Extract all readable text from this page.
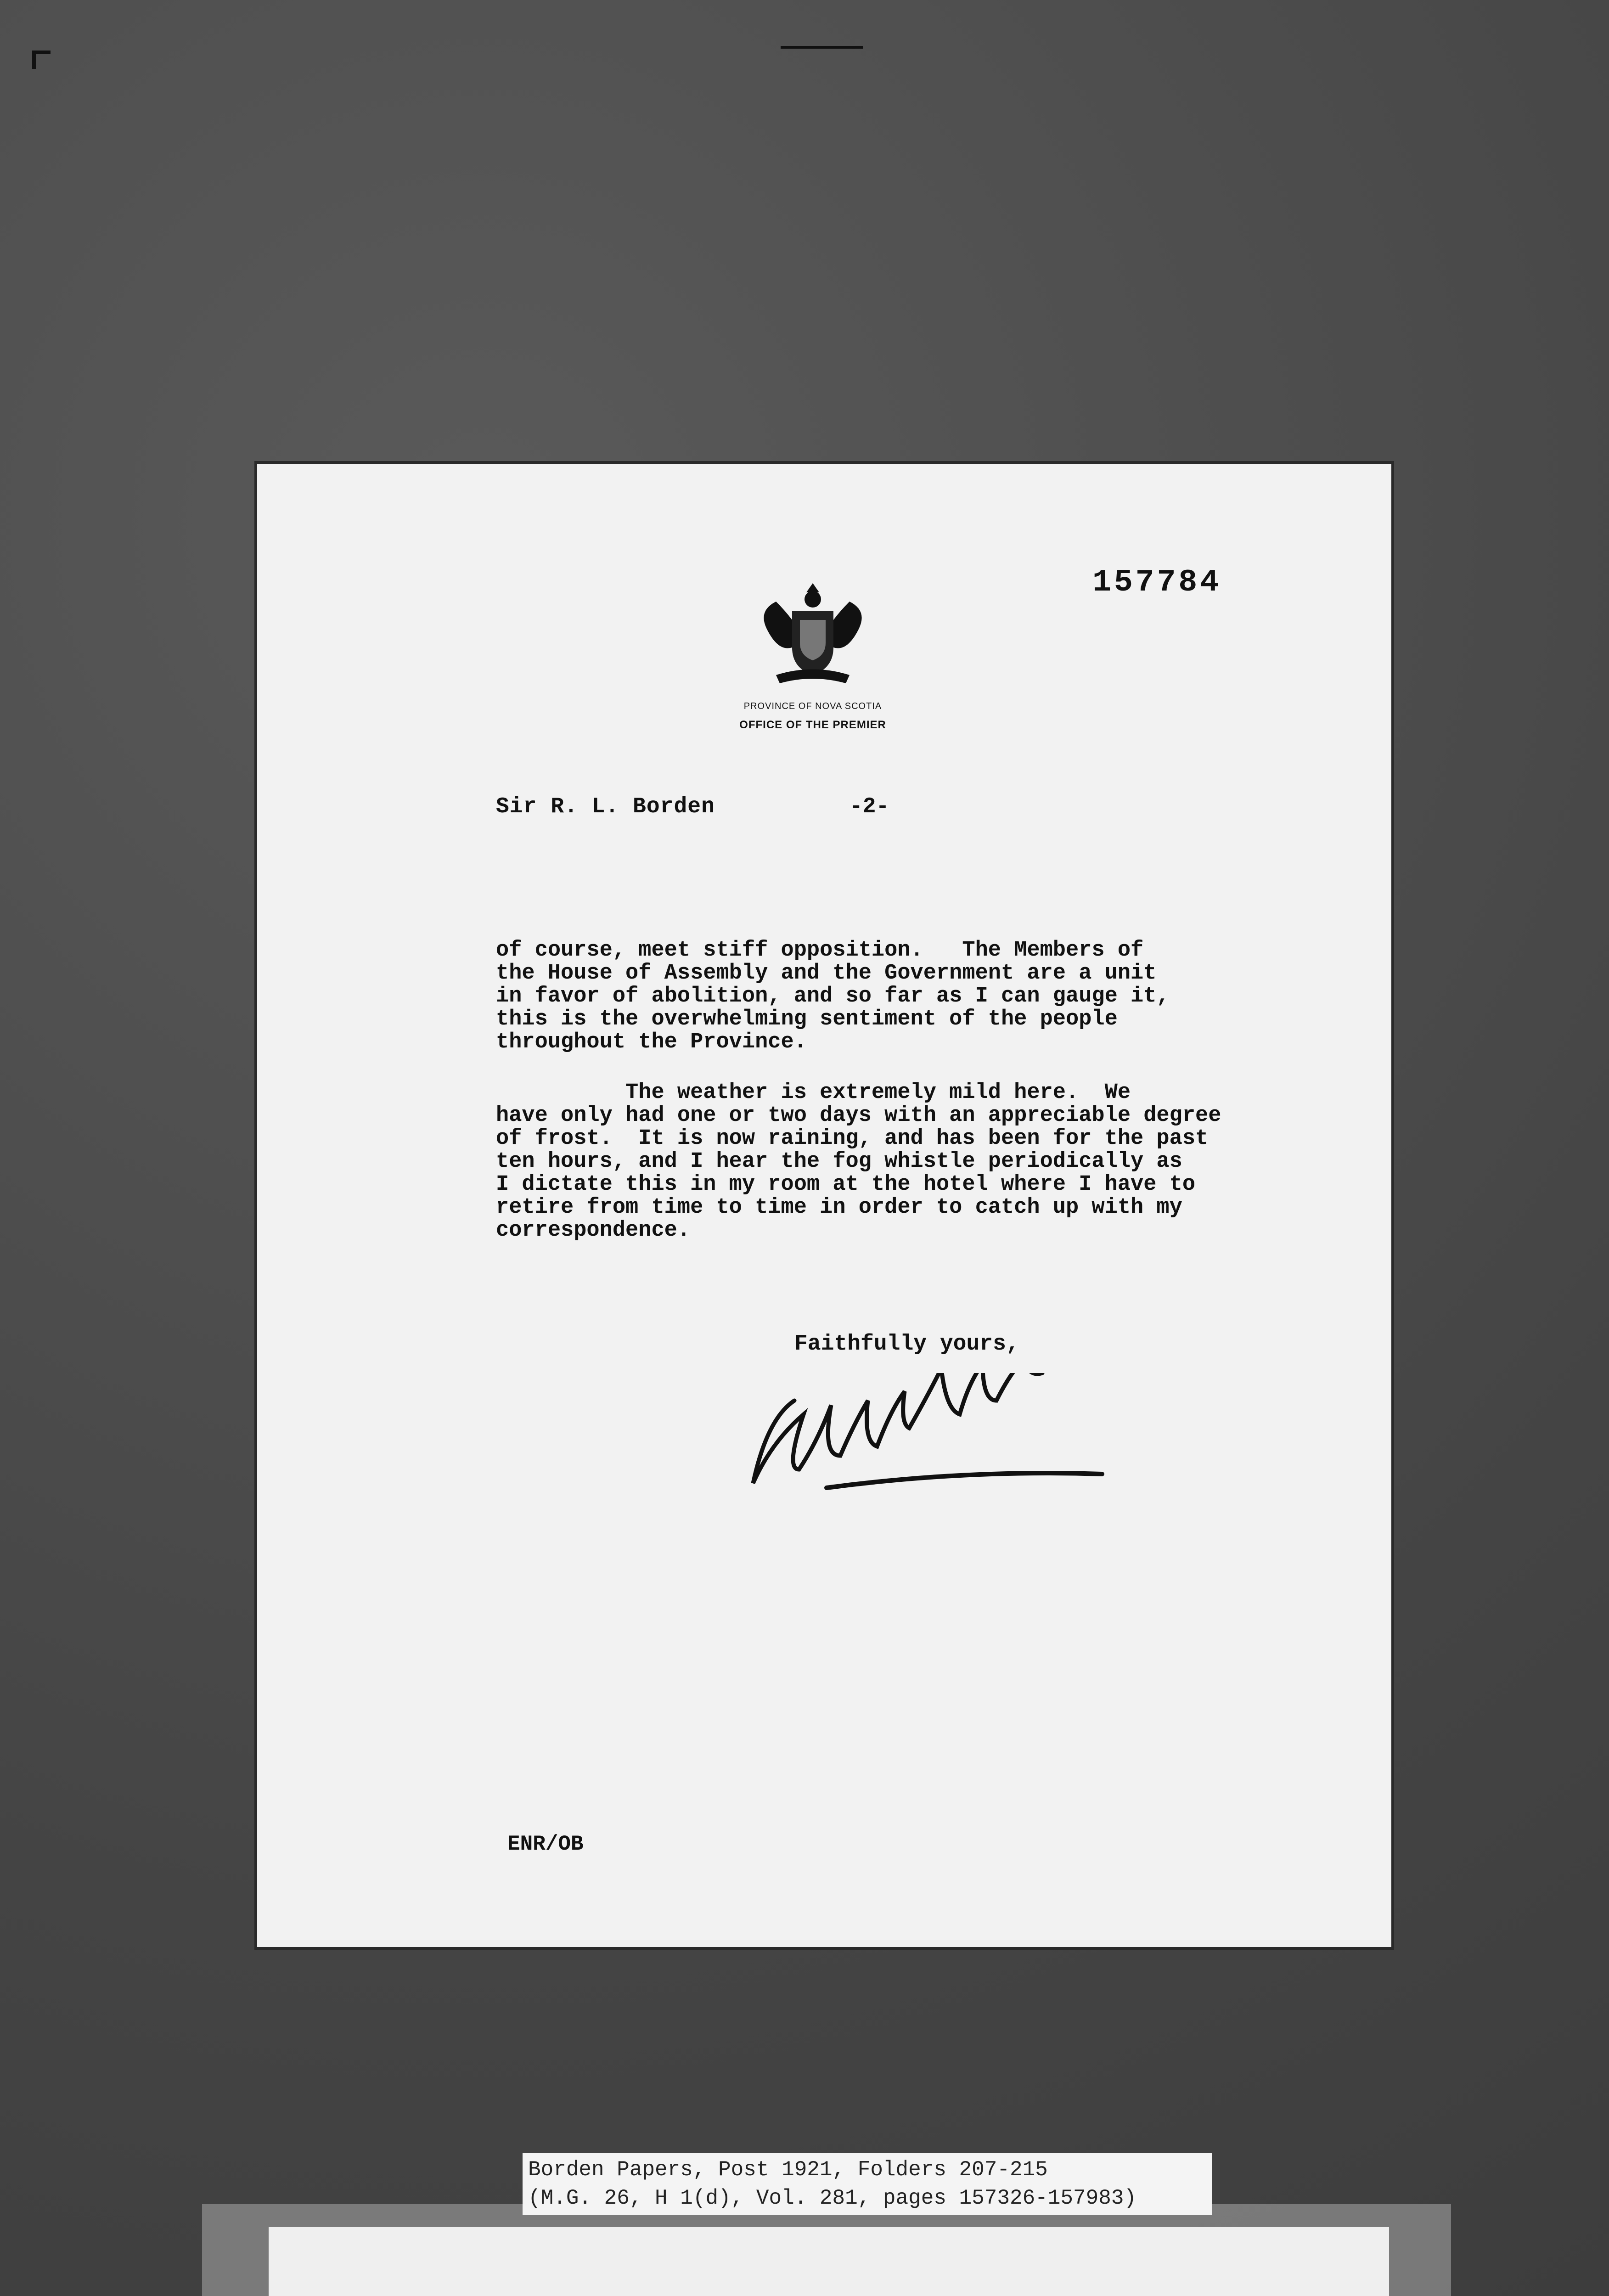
PROVINCE OF NOVA SCOTIA
OFFICE OF THE PREMIER
157784
Sir R. L. Borden	-2-
of course, meet stiff opposition.   The Members of
the House of Assembly and the Government are a unit
in favor of abolition, and so far as I can gauge it,
this is the overwhelming sentiment of the people
throughout the Province.
The weather is extremely mild here.  We
have only had one or two days with an appreciable degree
of frost.  It is now raining, and has been for the past
ten hours, and I hear the fog whistle periodically as
I dictate this in my room at the hotel where I have to
retire from time to time in order to catch up with my
correspondence.
Faithfully yours,
ENR/OB
Borden Papers, Post 1921, Folders 207-215
(M.G. 26, H 1(d), Vol. 281, pages 157326-157983)
